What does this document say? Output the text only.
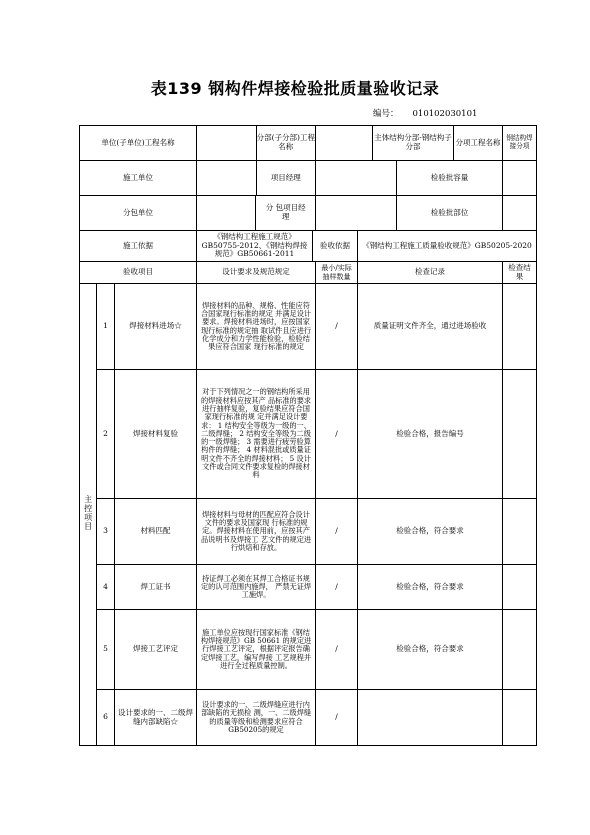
表139 钢构件焊接检验批质量验收记录
编号： 010102030101
单位(子单位)工程名称			分部(子分部)工程名称	主体结构分部-钢结构子分部 分项工程名称		钢结构焊接分项
施工单位			项目经理	检验批容量		

分包单位			分 包项目经理	检验批部位		

施工依据			《钢结构工程施工规范》GB50755-2012、《钢结构焊接规范》GB50661-2011
验收依据		《钢结构工程施工质量验收规范》GB50205-2020	
验收项目			设计要求及规范规定	最小/实际抽样数量	检查记录	检查结果
主控项目	1	焊接材料进场☆	焊接材料的品种、规格、性能应符合国家现行标准的规定 并满足设计要求。焊接材料进场时，应按国家现行标准的规定抽 取试件且应进行化学成分和力学性能检验，检验结果应符合国家 现行标准的规定	/	质量证明文件齐全，通过进场验收	
	2	焊接材料复验	对于下列情况之一的钢结构所采用的焊接材料应按其产 品标准的要求进行抽样复验，复验结果应符合国家现行标准的规 定并满足设计要求： 1 结构安全等级为一级的一、二级焊缝； 2 结构安全等级为二级的一级焊缝； 3 需要进行疲劳验算构件的焊缝； 4 材料混批或质量证明文件不齐全的焊接材料； 5 设计文件或合同文件要求复检的焊接材料	/	检验合格，报告编号	
	3	材料匹配	焊接材料与母材的匹配应符合设计文件的要求及国家现 行标准的规定。焊接材料在使用前，应按其产品说明书及焊接工 艺文件的规定进行烘焙和存放。	/	检验合格，符合要求	
	4	焊工证书	持证焊工必须在其焊工合格证书规定的认可范围内施焊， 严禁无证焊工施焊。	/	检验合格，符合要求	
	5	焊接工艺评定	施工单位应按现行国家标准《钢结构焊接规范》GB 50661 的规定进行焊接工艺评定，根据评定报告确定焊接工艺，编写焊接 工艺规程并进行全过程质量控制。	/	检验合格，符合要求	
	6	设计要求的一、二级焊缝内部缺陷☆	设计要求的一、二级焊缝应进行内部缺陷的无损检 测，一、二级焊缝的质量等级和检测要求应符合GB50205的规定	/		
